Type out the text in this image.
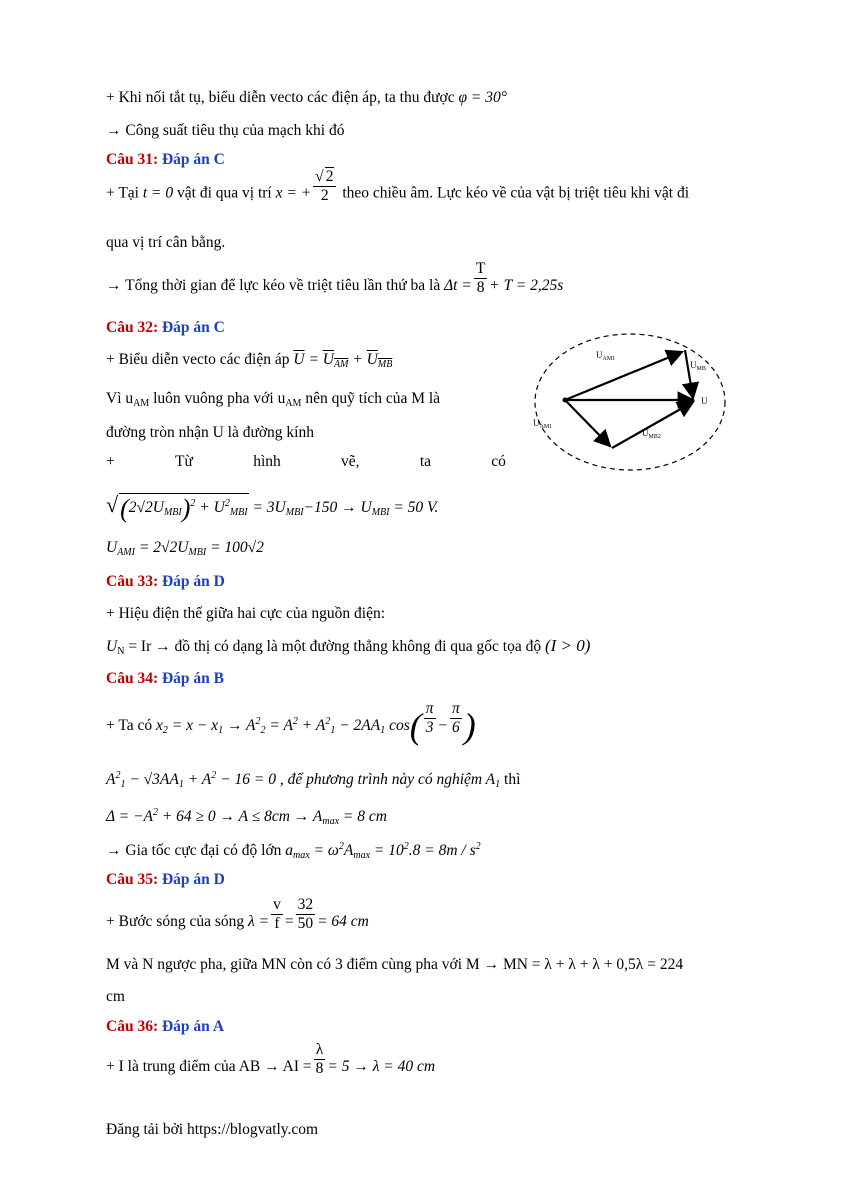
+ Khi nối tắt tụ, biểu diễn vecto các điện áp, ta thu được φ = 30°
→ Công suất tiêu thụ của mạch khi đó
Câu 31: Đáp án C
+ Tại t = 0 vật đi qua vị trí x = + $\frac{√ 2}{2}$ theo chiều âm. Lực kéo về của vật bị triệt tiêu khi vật đi
qua vị trí cân bằng.
→ Tổng thời gian để lực kéo về triệt tiêu lần thứ ba là $\Delta t = \frac{T}{8} + T = 2,25s$
Câu 32: Đáp án C
+ Biểu diễn vecto các điện áp $\overline{U} = U_{AM} + U_{MB}$
Vì $u_{AM}$ luôn vuông pha với $u_{AM}$ nên quỹ tích của M là
đường tròn nhận U là đường kính
+	Từ	hình	vẽ,	ta	có
$√(2√2U_{MBI})^2 + U^2_{MBI} = 3U_{MBI}-150 \to U_{MBI} = 50$ V.
$U_{AMI} = 2√2U_{MBI} = 100√2$
$U_{AM1}$
$U_{MB}$
U
$U_{AM1}$
$U_{MB2}$
Câu 33: Đáp án D
+ Hiệu điện thế giữa hai cực của nguồn điện:
$U_N = Ir$ → đồ thị có dạng là một đường thẳng không đi qua gốc tọa độ (I > 0)
Câu 34: Đáp án B
+ Ta có $x_2 = x - x_1 \to A^2_2 = A^2 + A^2_1 - 2AA_1$ $\cos( \frac{\pi}{3} - \frac{\pi}{6}$ )
$A^2_1 - √3AA_1 + A^2 - 16 = 0$ , để phương trình này có nghiệm $A_1$ thì
$\Delta = -A^2 + 64 \ge 0 \to A \le 8cm \to A_{max} = 8$ cm
→ Gia tốc cực đại có độ lớn $a_{max} = \omega^2A_{max} = 10^2.8 = 8m / s^2$
Câu 35: Đáp án D
+ Bước sóng của sóng $\lambda = \frac{v}{f} = \frac{32}{50} = 64$ cm
M và N ngược pha, giữa MN còn có 3 điểm cùng pha với M → MN = λ + λ + λ + 0,5λ = 224
cm
Câu 36: Đáp án A
+ I là trung điểm của AB → AI = $\frac{\lambda}{8} = 5 \to \lambda = 40$ cm
Đăng tải bởi https://blogvatly.com
